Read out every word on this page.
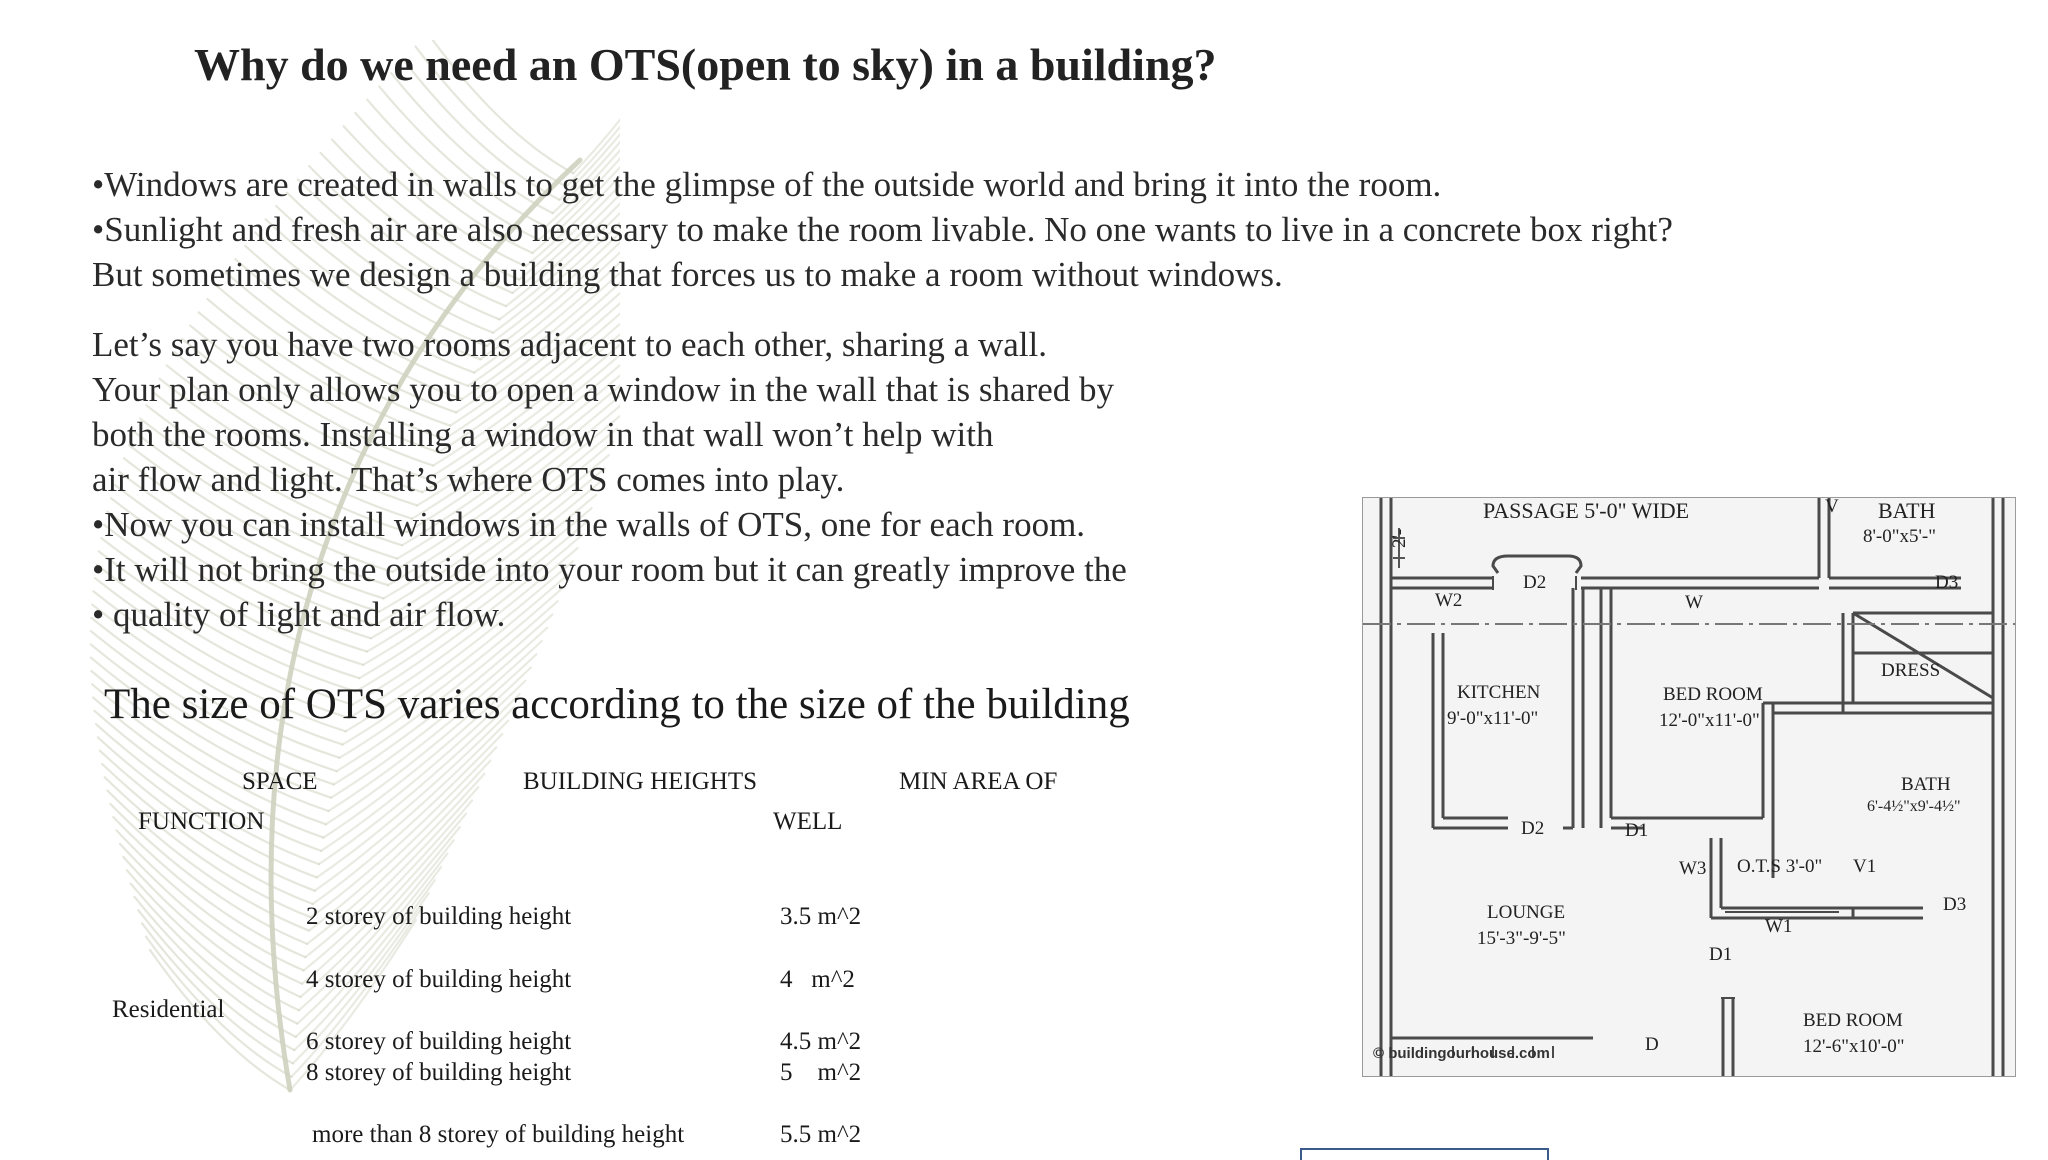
Why do we need an OTS(open to sky) in a building?
•Windows are created in walls to get the glimpse of the outside world and bring it into the room.
•Sunlight and fresh air are also necessary to make the room livable. No one wants to live in a concrete box right?
But sometimes we design a building that forces us to make a room without windows.
Let’s say you have two rooms adjacent to each other, sharing a wall.
Your plan only allows you to open a window in the wall that is shared by
both the rooms. Installing a window in that wall won’t help with
air flow and light. That’s where OTS comes into play.
•Now you can install windows in the walls of OTS, one for each room.
•It will not bring the outside into your room but it can greatly improve the
• quality of light and air flow.
The size of OTS varies according to the size of the building
SPACE
FUNCTION
BUILDING HEIGHTS	MIN AREA OF
WELL
Residential
2 storey of building height	3.5 m^2
4 storey of building height	4   m^2
6 storey of building height	4.5 m^2
8 storey of building height	5    m^2
more than 8 storey of building height	5.5 m^2
PASSAGE 5'-0" WIDE	V BATH
8'-0"x5'-"
2'-
D2	D3
W2	W
DRESS
KITCHEN
9'-0"x11'-0"
BED ROOM
12'-0"x11'-0"
BATH
6'-4½"x9'-4½"
D2	D1
W3 O.T.S 3'-0" V1
LOUNGE
15'-3"-9'-5"
W1
D3
D1
D
BED ROOM
12'-6"x10'-0"
© buildingourhouse.com
